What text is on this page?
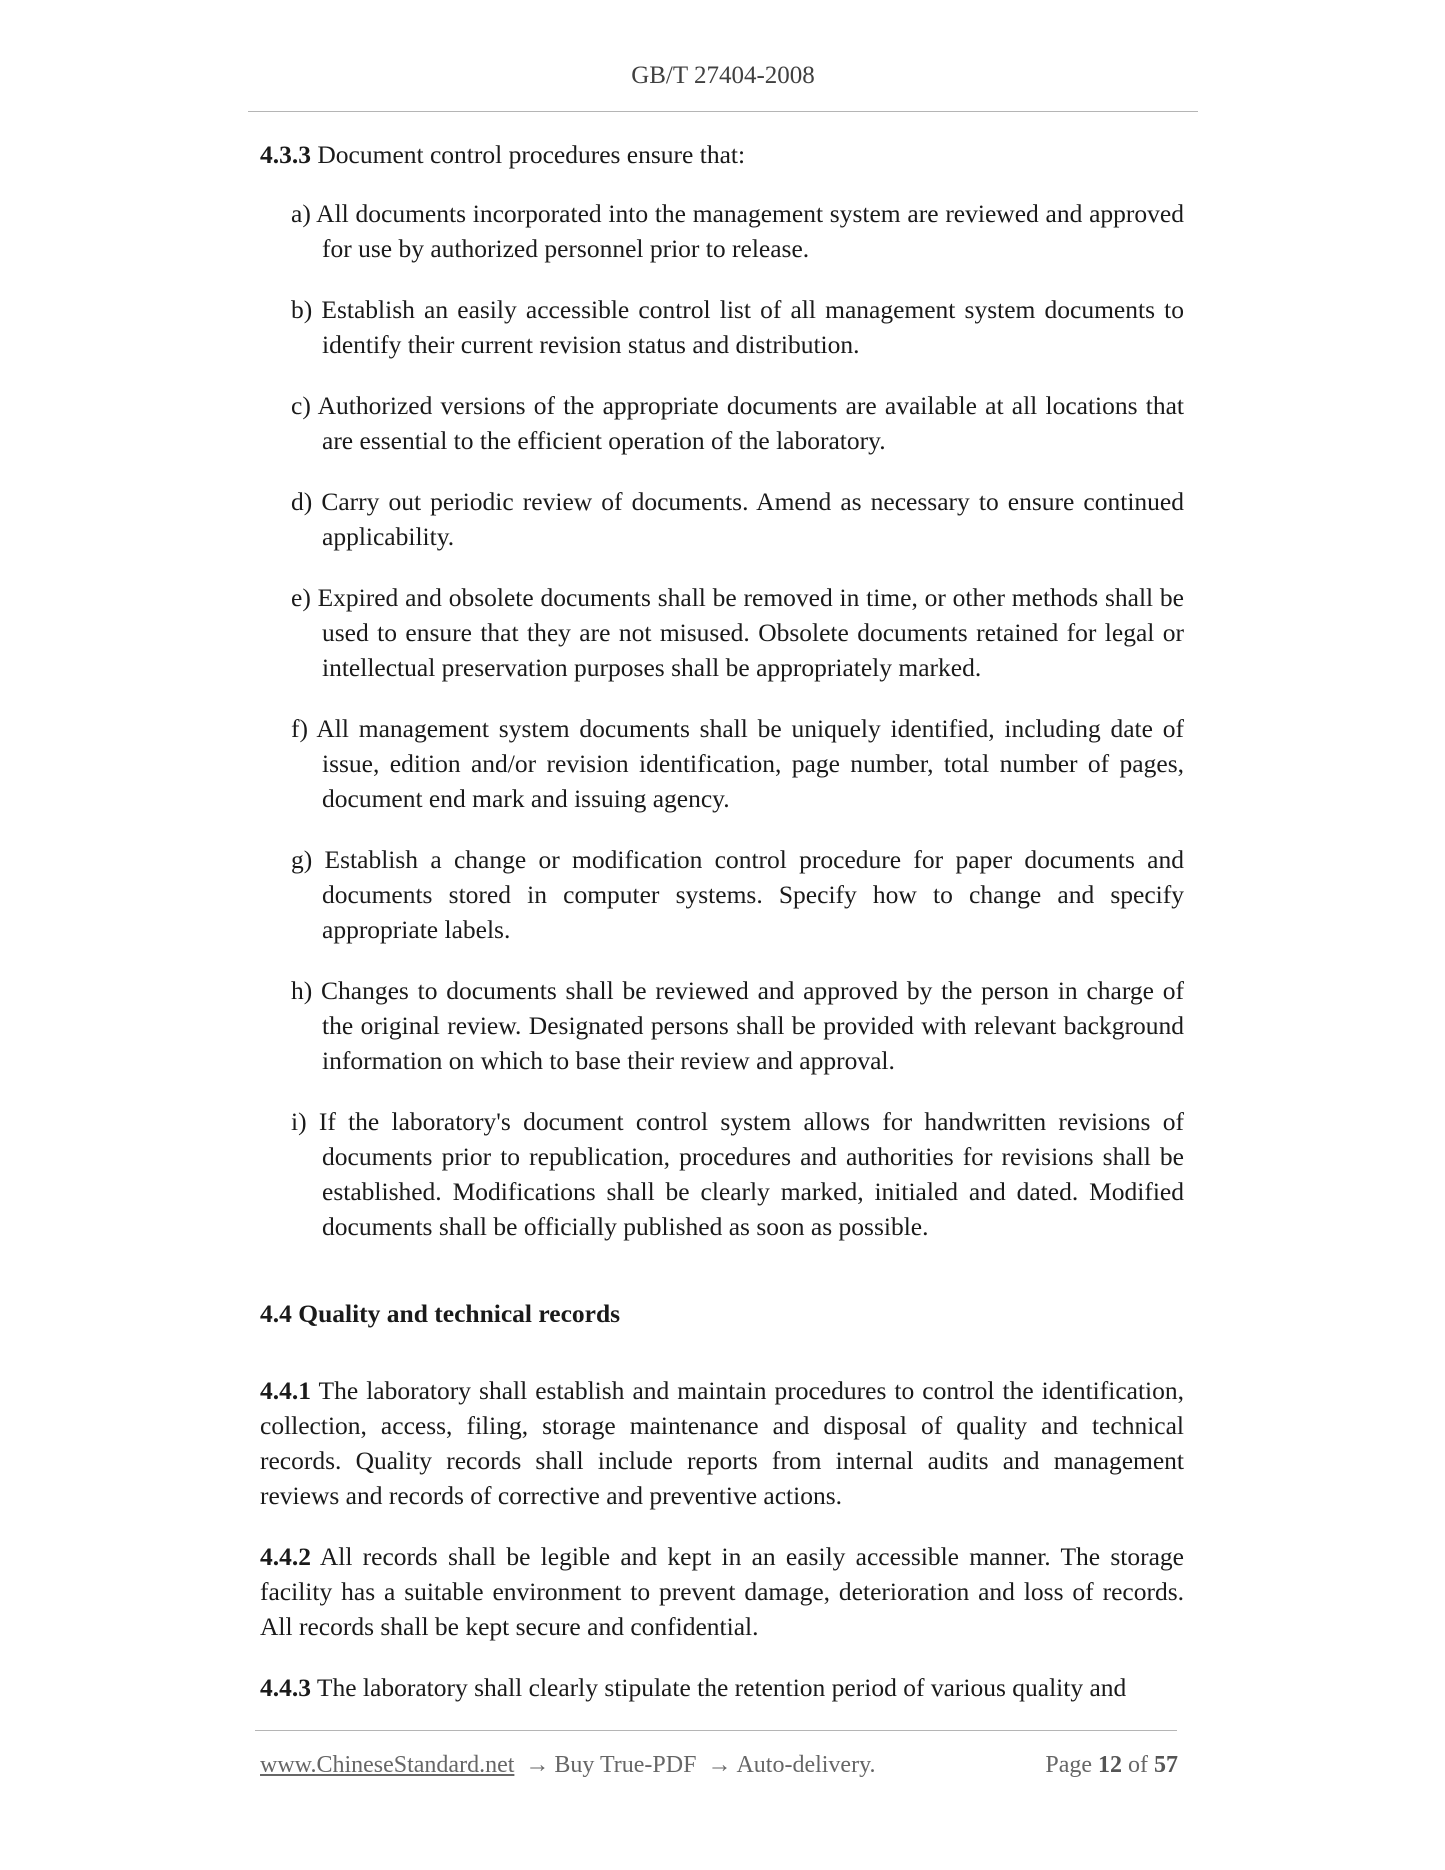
GB/T 27404-2008

4.3.3 Document control procedures ensure that:

a) All documents incorporated into the management system are reviewed and approved for use by authorized personnel prior to release.
b) Establish an easily accessible control list of all management system documents to identify their current revision status and distribution.
c) Authorized versions of the appropriate documents are available at all locations that are essential to the efficient operation of the laboratory.
d) Carry out periodic review of documents. Amend as necessary to ensure continued applicability.
e) Expired and obsolete documents shall be removed in time, or other methods shall be used to ensure that they are not misused. Obsolete documents retained for legal or intellectual preservation purposes shall be appropriately marked.
f) All management system documents shall be uniquely identified, including date of issue, edition and/or revision identification, page number, total number of pages, document end mark and issuing agency.
g) Establish a change or modification control procedure for paper documents and documents stored in computer systems. Specify how to change and specify appropriate labels.
h) Changes to documents shall be reviewed and approved by the person in charge of the original review. Designated persons shall be provided with relevant background information on which to base their review and approval.
i) If the laboratory's document control system allows for handwritten revisions of documents prior to republication, procedures and authorities for revisions shall be established. Modifications shall be clearly marked, initialed and dated. Modified documents shall be officially published as soon as possible.

4.4 Quality and technical records

4.4.1 The laboratory shall establish and maintain procedures to control the identification, collection, access, filing, storage maintenance and disposal of quality and technical records. Quality records shall include reports from internal audits and management reviews and records of corrective and preventive actions.

4.4.2 All records shall be legible and kept in an easily accessible manner. The storage facility has a suitable environment to prevent damage, deterioration and loss of records. All records shall be kept secure and confidential.

4.4.3 The laboratory shall clearly stipulate the retention period of various quality and

www.ChineseStandard.net → Buy True-PDF → Auto-delivery.	Page 12 of 57
